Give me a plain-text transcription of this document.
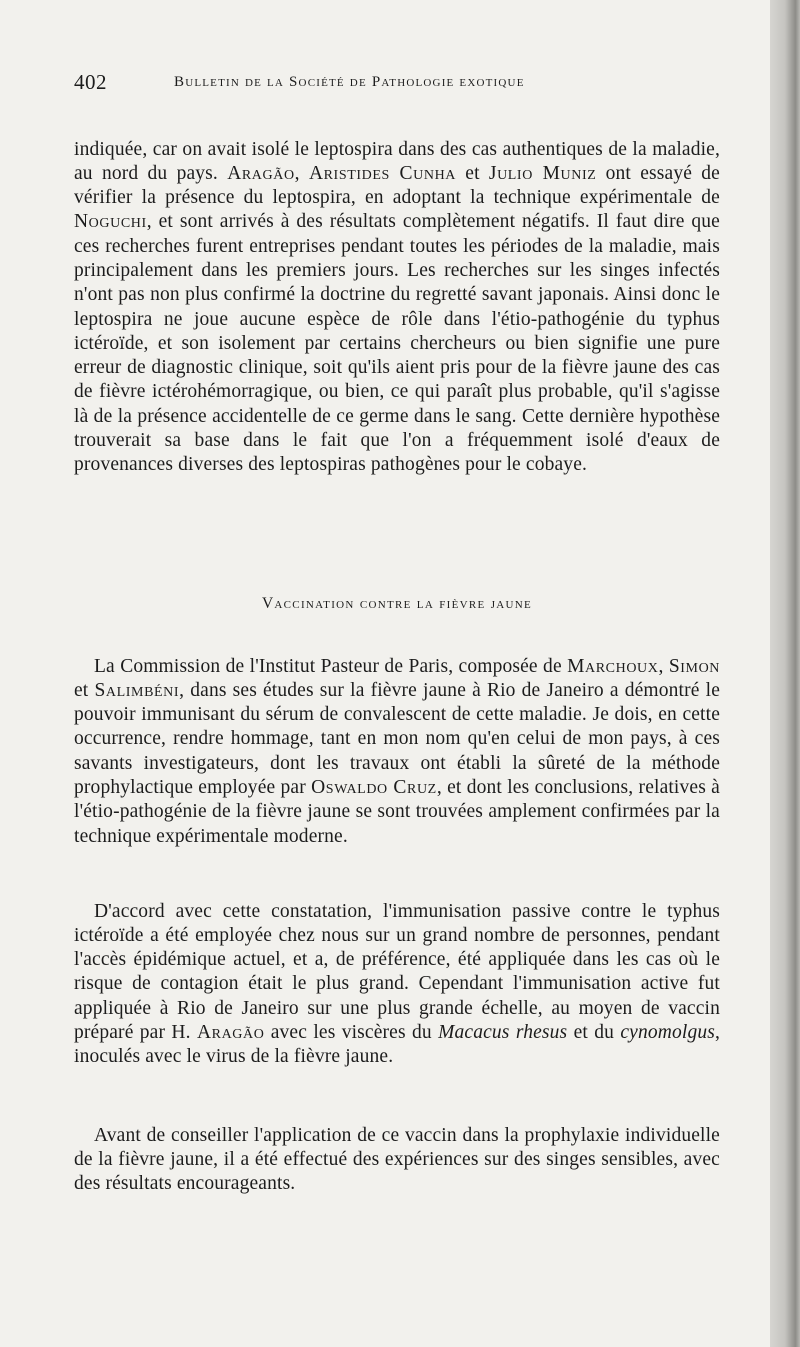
402	Bulletin de la Société de Pathologie exotique

indiquée, car on avait isolé le leptospira dans des cas authentiques de la maladie, au nord du pays. Aragão, Aristides Cunha et Julio Muniz ont essayé de vérifier la présence du leptospira, en adoptant la technique expérimentale de Noguchi, et sont arrivés à des résultats complètement négatifs. Il faut dire que ces recherches furent entreprises pendant toutes les périodes de la maladie, mais principalement dans les premiers jours. Les recherches sur les singes infectés n'ont pas non plus confirmé la doctrine du regretté savant japonais. Ainsi donc le leptospira ne joue aucune espèce de rôle dans l'étio-pathogénie du typhus ictéroïde, et son isolement par certains chercheurs ou bien signifie une pure erreur de diagnostic clinique, soit qu'ils aient pris pour de la fièvre jaune des cas de fièvre ictérohémorragique, ou bien, ce qui paraît plus probable, qu'il s'agisse là de la présence accidentelle de ce germe dans le sang. Cette dernière hypothèse trouverait sa base dans le fait que l'on a fréquemment isolé d'eaux de provenances diverses des leptospiras pathogènes pour le cobaye.

Vaccination contre la fièvre jaune

La Commission de l'Institut Pasteur de Paris, composée de Marchoux, Simon et Salimbéni, dans ses études sur la fièvre jaune à Rio de Janeiro a démontré le pouvoir immunisant du sérum de convalescent de cette maladie. Je dois, en cette occurrence, rendre hommage, tant en mon nom qu'en celui de mon pays, à ces savants investigateurs, dont les travaux ont établi la sûreté de la méthode prophylactique employée par Oswaldo Cruz, et dont les conclusions, relatives à l'étio-pathogénie de la fièvre jaune se sont trouvées amplement confirmées par la technique expérimentale moderne.

D'accord avec cette constatation, l'immunisation passive contre le typhus ictéroïde a été employée chez nous sur un grand nombre de personnes, pendant l'accès épidémique actuel, et a, de préférence, été appliquée dans les cas où le risque de contagion était le plus grand. Cependant l'immunisation active fut appliquée à Rio de Janeiro sur une plus grande échelle, au moyen de vaccin préparé par H. Aragão avec les viscères du Macacus rhesus et du cynomolgus, inoculés avec le virus de la fièvre jaune.

Avant de conseiller l'application de ce vaccin dans la prophylaxie individuelle de la fièvre jaune, il a été effectué des expériences sur des singes sensibles, avec des résultats encourageants.
